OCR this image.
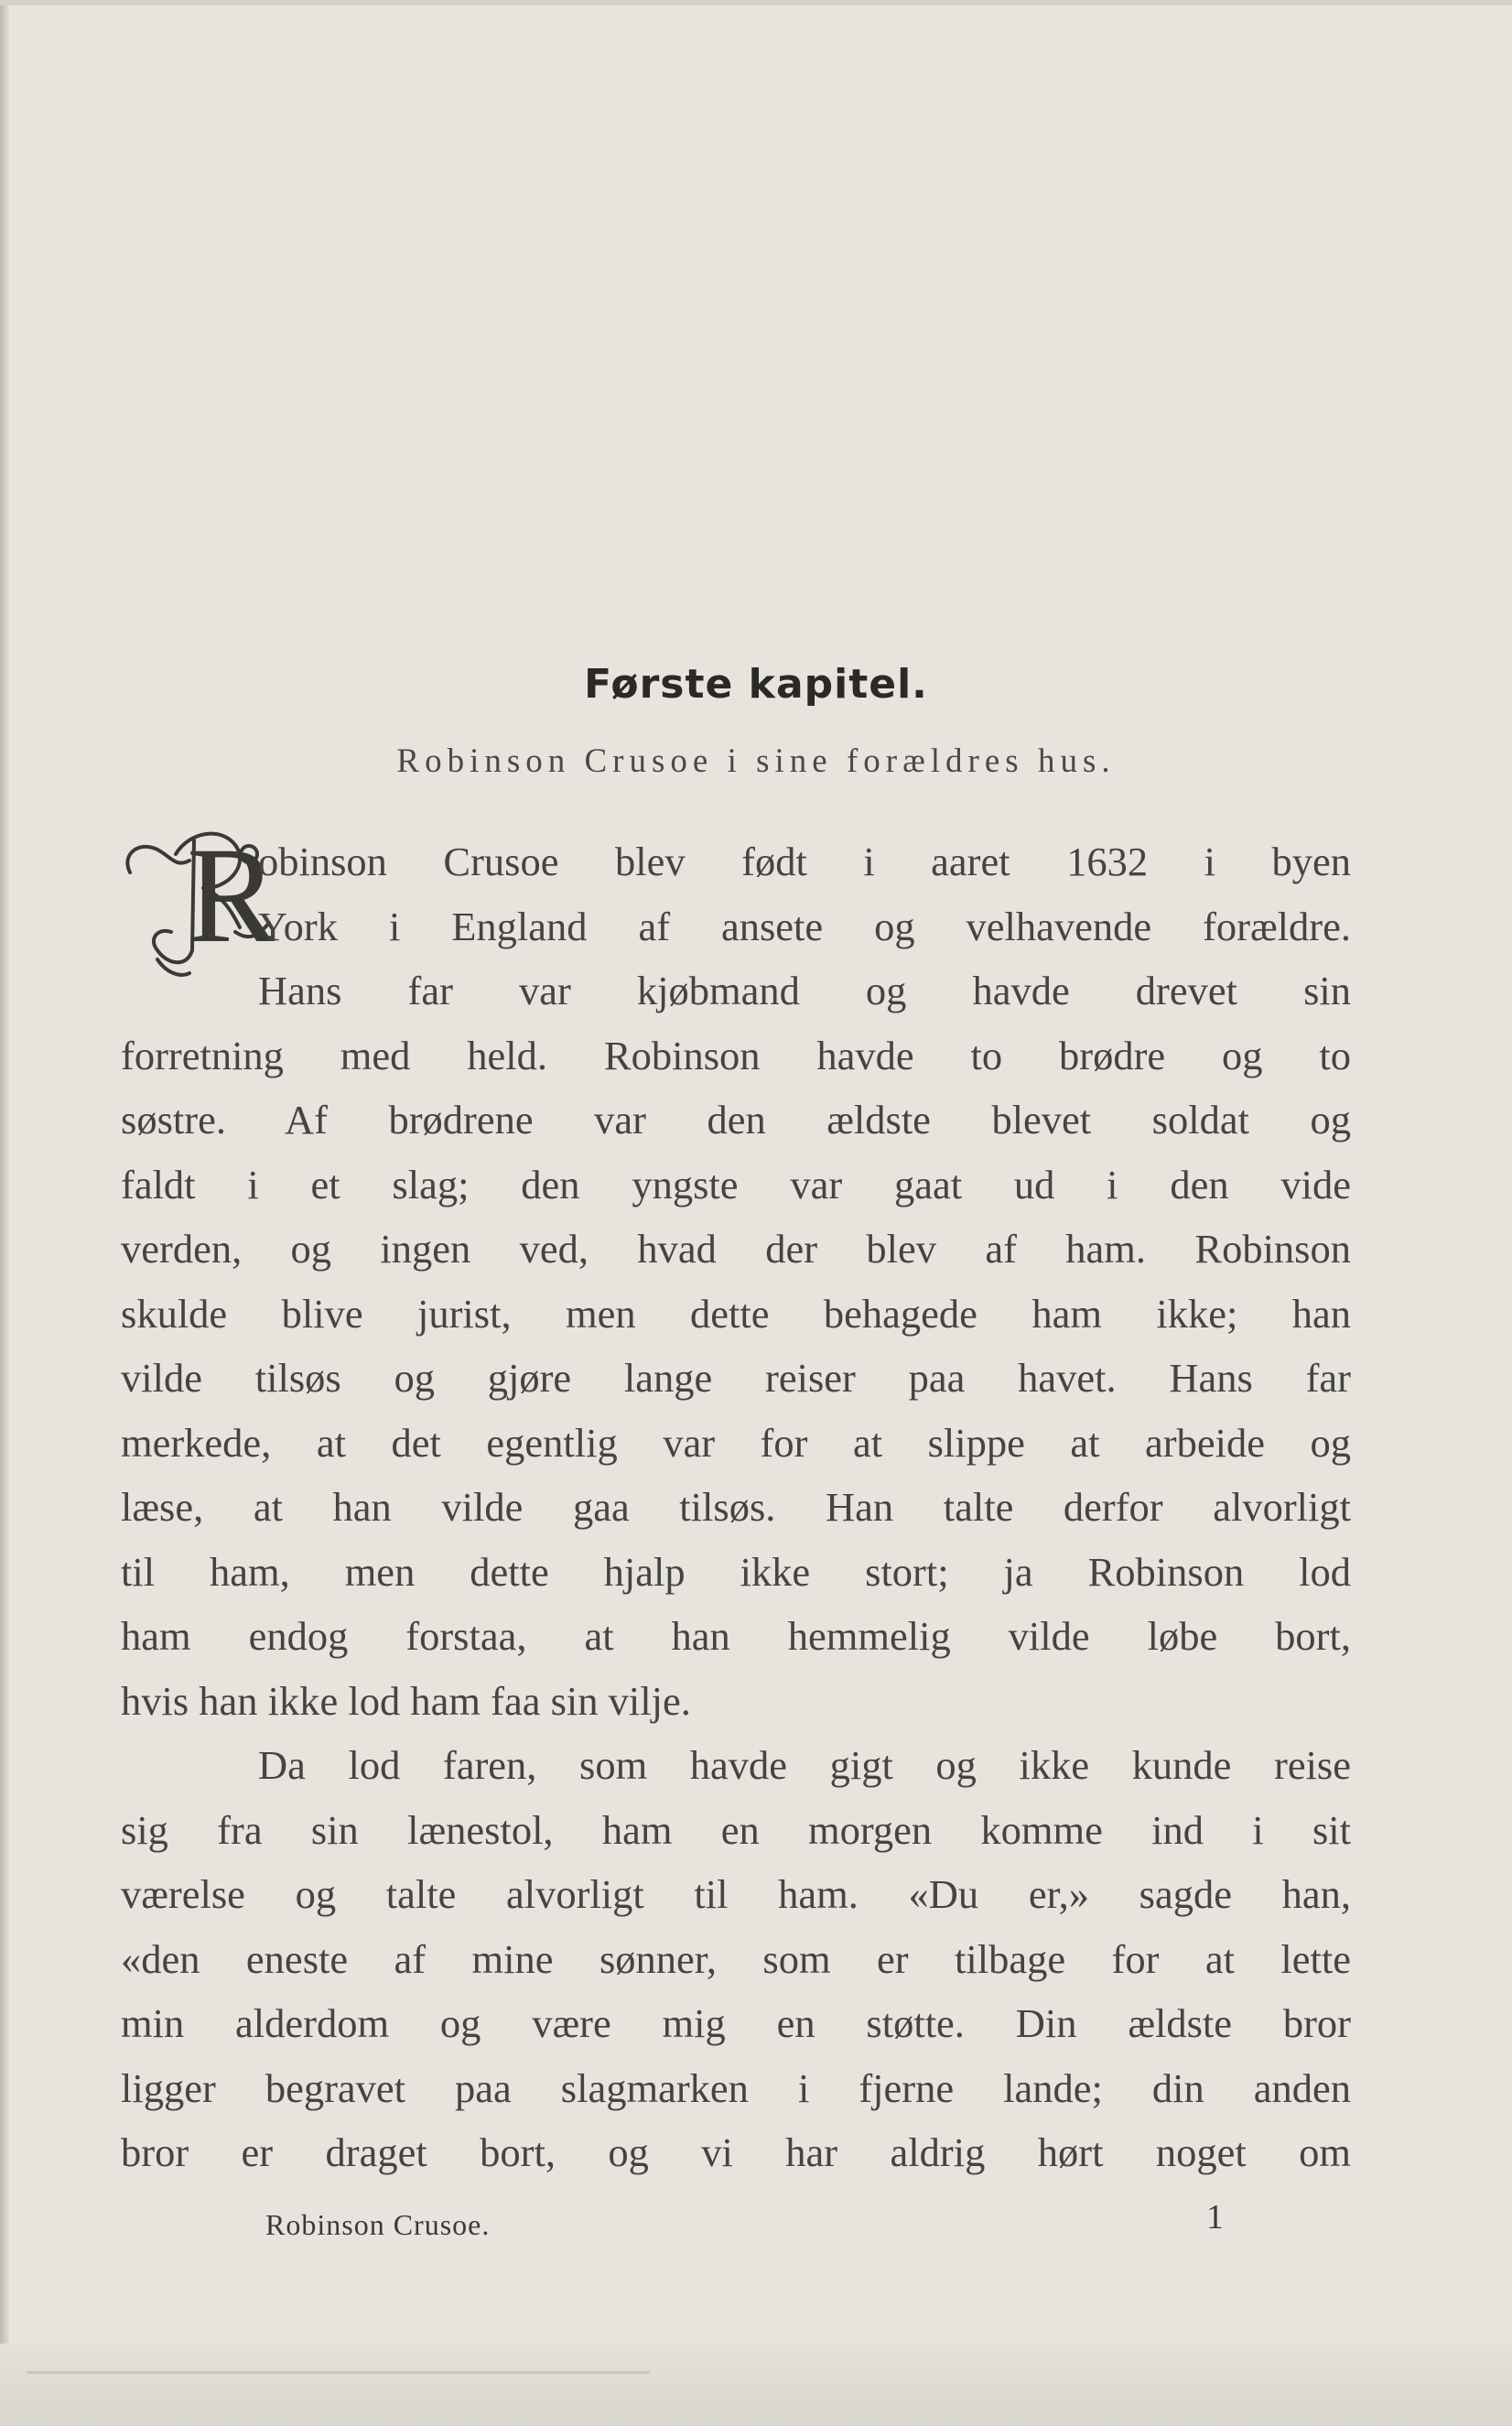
Første kapitel.
Robinson Crusoe i sine forældres hus.
R
obinson Crusoe blev født i aaret 1632 i byen
York i England af ansete og velhavende forældre.
Hans far var kjøbmand og havde drevet sin
forretning med held. Robinson havde to brødre og to
søstre. Af brødrene var den ældste blevet soldat og
faldt i et slag; den yngste var gaat ud i den vide
verden, og ingen ved, hvad der blev af ham. Robinson
skulde blive jurist, men dette behagede ham ikke; han
vilde tilsøs og gjøre lange reiser paa havet. Hans far
merkede, at det egentlig var for at slippe at arbeide og
læse, at han vilde gaa tilsøs. Han talte derfor alvorligt
til ham, men dette hjalp ikke stort; ja Robinson lod
ham endog forstaa, at han hemmelig vilde løbe bort,
hvis han ikke lod ham faa sin vilje.
Da lod faren, som havde gigt og ikke kunde reise
sig fra sin lænestol, ham en morgen komme ind i sit
værelse og talte alvorligt til ham. «Du er,» sagde han,
«den eneste af mine sønner, som er tilbage for at lette
min alderdom og være mig en støtte. Din ældste bror
ligger begravet paa slagmarken i fjerne lande; din anden
bror er draget bort, og vi har aldrig hørt noget om
Robinson Crusoe.	1
